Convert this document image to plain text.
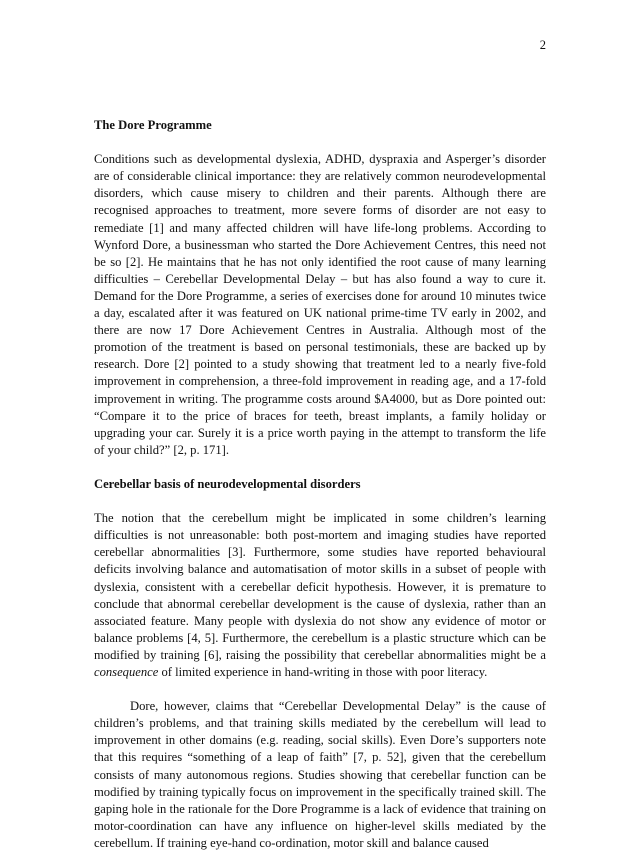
2

The Dore Programme

Conditions such as developmental dyslexia, ADHD, dyspraxia and Asperger’s disorder are of considerable clinical importance: they are relatively common neurodevelopmental disorders, which cause misery to children and their parents. Although there are recognised approaches to treatment, more severe forms of disorder are not easy to remediate [1] and many affected children will have life-long problems. According to Wynford Dore, a businessman who started the Dore Achievement Centres, this need not be so [2]. He maintains that he has not only identified the root cause of many learning difficulties – Cerebellar Developmental Delay – but has also found a way to cure it. Demand for the Dore Programme, a series of exercises done for around 10 minutes twice a day, escalated after it was featured on UK national prime-time TV early in 2002, and there are now 17 Dore Achievement Centres in Australia. Although most of the promotion of the treatment is based on personal testimonials, these are backed up by research. Dore [2] pointed to a study showing that treatment led to a nearly five-fold improvement in comprehension, a three-fold improvement in reading age, and a 17-fold improvement in writing. The programme costs around $A4000, but as Dore pointed out: “Compare it to the price of braces for teeth, breast implants, a family holiday or upgrading your car. Surely it is a price worth paying in the attempt to transform the life of your child?” [2, p. 171].

Cerebellar basis of neurodevelopmental disorders

The notion that the cerebellum might be implicated in some children’s learning difficulties is not unreasonable: both post-mortem and imaging studies have reported cerebellar abnormalities [3]. Furthermore, some studies have reported behavioural deficits involving balance and automatisation of motor skills in a subset of people with dyslexia, consistent with a cerebellar deficit hypothesis. However, it is premature to conclude that abnormal cerebellar development is the cause of dyslexia, rather than an associated feature. Many people with dyslexia do not show any evidence of motor or balance problems [4, 5]. Furthermore, the cerebellum is a plastic structure which can be modified by training [6], raising the possibility that cerebellar abnormalities might be a consequence of limited experience in hand-writing in those with poor literacy.

Dore, however, claims that “Cerebellar Developmental Delay” is the cause of children’s problems, and that training skills mediated by the cerebellum will lead to improvement in other domains (e.g. reading, social skills). Even Dore’s supporters note that this requires “something of a leap of faith” [7, p. 52], given that the cerebellum consists of many autonomous regions. Studies showing that cerebellar function can be modified by training typically focus on improvement in the specifically trained skill. The gaping hole in the rationale for the Dore Programme is a lack of evidence that training on motor-coordination can have any influence on higher-level skills mediated by the cerebellum. If training eye-hand co-ordination, motor skill and balance caused
